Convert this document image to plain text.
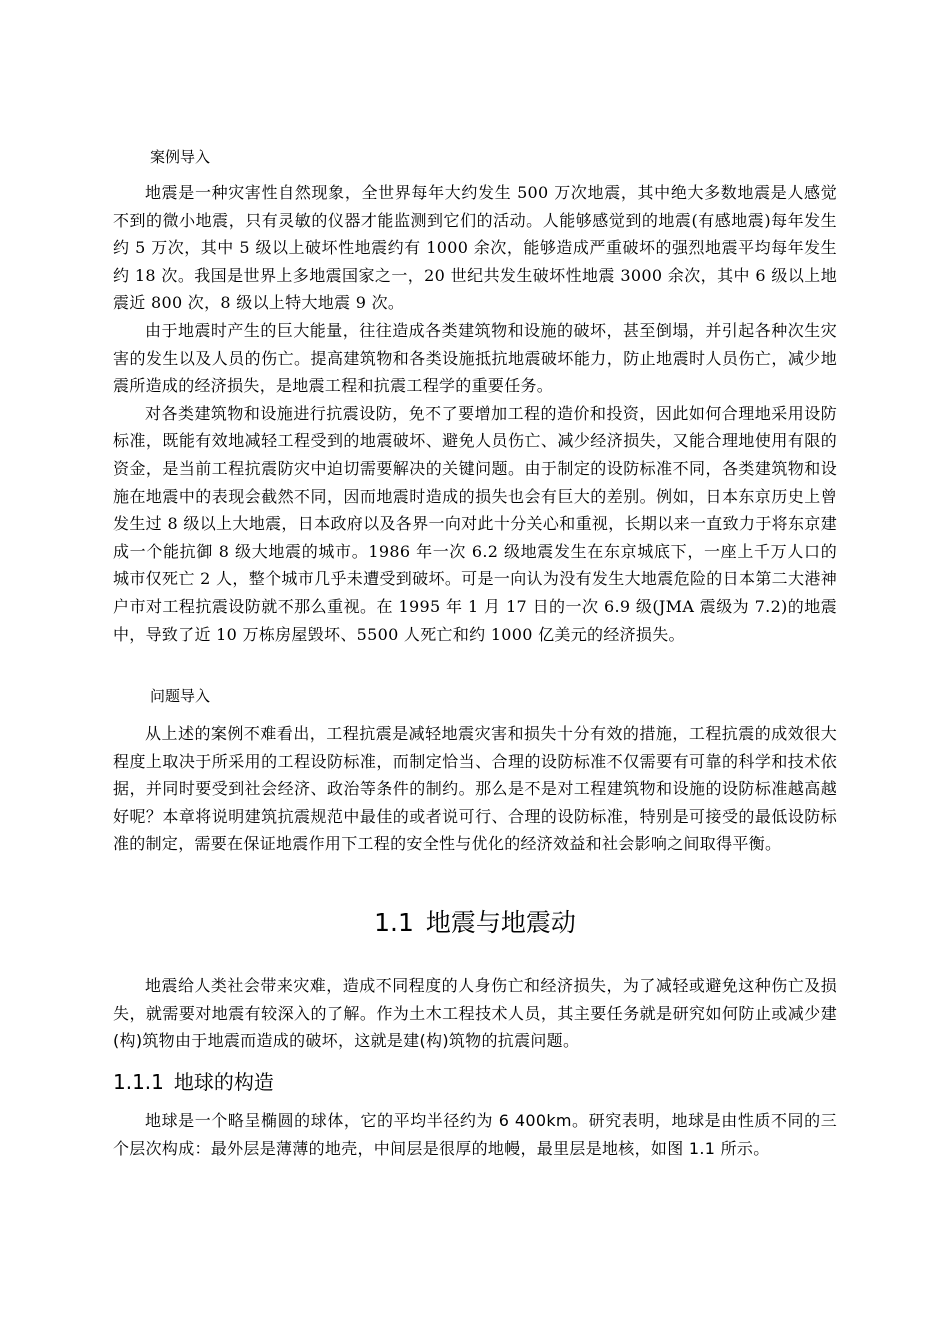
案例导入

地震是一种灾害性自然现象，全世界每年大约发生 500 万次地震，其中绝大多数地震是人感觉不到的微小地震，只有灵敏的仪器才能监测到它们的活动。人能够感觉到的地震(有感地震)每年发生约 5 万次，其中 5 级以上破坏性地震约有 1000 余次，能够造成严重破坏的强烈地震平均每年发生约 18 次。我国是世界上多地震国家之一，20 世纪共发生破坏性地震 3000 余次，其中 6 级以上地震近 800 次，8 级以上特大地震 9 次。

由于地震时产生的巨大能量，往往造成各类建筑物和设施的破坏，甚至倒塌，并引起各种次生灾害的发生以及人员的伤亡。提高建筑物和各类设施抵抗地震破坏能力，防止地震时人员伤亡，减少地震所造成的经济损失，是地震工程和抗震工程学的重要任务。

对各类建筑物和设施进行抗震设防，免不了要增加工程的造价和投资，因此如何合理地采用设防标准，既能有效地减轻工程受到的地震破坏、避免人员伤亡、减少经济损失，又能合理地使用有限的资金，是当前工程抗震防灾中迫切需要解决的关键问题。由于制定的设防标准不同，各类建筑物和设施在地震中的表现会截然不同，因而地震时造成的损失也会有巨大的差别。例如，日本东京历史上曾发生过 8 级以上大地震，日本政府以及各界一向对此十分关心和重视，长期以来一直致力于将东京建成一个能抗御 8 级大地震的城市。1986 年一次 6.2 级地震发生在东京城底下，一座上千万人口的城市仅死亡 2 人，整个城市几乎未遭受到破坏。可是一向认为没有发生大地震危险的日本第二大港神户市对工程抗震设防就不那么重视。在 1995 年 1 月 17 日的一次 6.9 级(JMA 震级为 7.2)的地震中，导致了近 10 万栋房屋毁坏、5500 人死亡和约 1000 亿美元的经济损失。

问题导入

从上述的案例不难看出，工程抗震是减轻地震灾害和损失十分有效的措施，工程抗震的成效很大程度上取决于所采用的工程设防标准，而制定恰当、合理的设防标准不仅需要有可靠的科学和技术依据，并同时要受到社会经济、政治等条件的制约。那么是不是对工程建筑物和设施的设防标准越高越好呢？本章将说明建筑抗震规范中最佳的或者说可行、合理的设防标准，特别是可接受的最低设防标准的制定，需要在保证地震作用下工程的安全性与优化的经济效益和社会影响之间取得平衡。

1.1 地震与地震动

地震给人类社会带来灾难，造成不同程度的人身伤亡和经济损失，为了减轻或避免这种伤亡及损失，就需要对地震有较深入的了解。作为土木工程技术人员，其主要任务就是研究如何防止或减少建(构)筑物由于地震而造成的破坏，这就是建(构)筑物的抗震问题。

1.1.1 地球的构造

地球是一个略呈椭圆的球体，它的平均半径约为 6 400km。研究表明，地球是由性质不同的三个层次构成：最外层是薄薄的地壳，中间层是很厚的地幔，最里层是地核，如图 1.1 所示。
